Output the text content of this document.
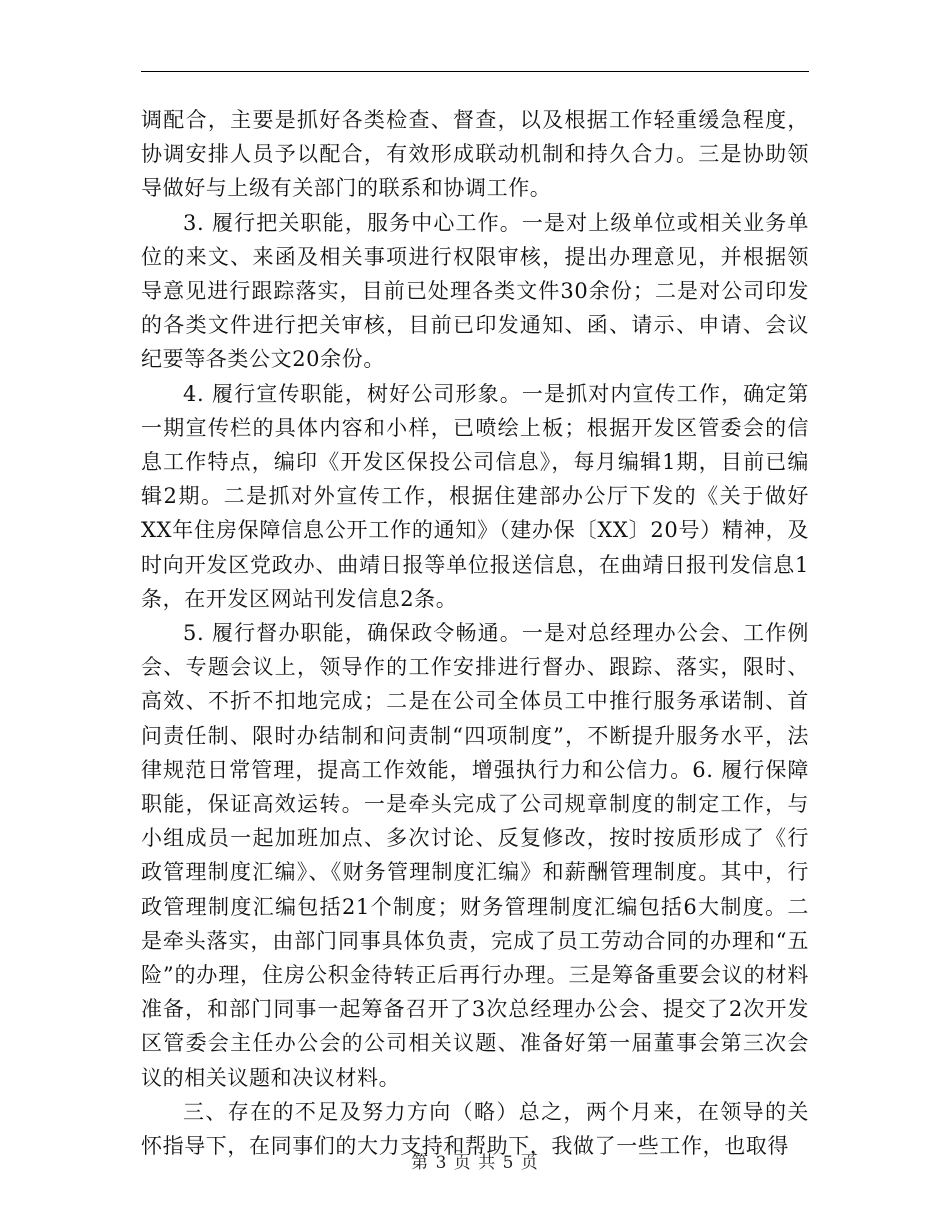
调配合，主要是抓好各类检查、督查，以及根据工作轻重缓急程度，协调安排人员予以配合，有效形成联动机制和持久合力。三是协助领导做好与上级有关部门的联系和协调工作。

3. 履行把关职能，服务中心工作。一是对上级单位或相关业务单位的来文、来函及相关事项进行权限审核，提出办理意见，并根据领导意见进行跟踪落实，目前已处理各类文件30余份；二是对公司印发的各类文件进行把关审核，目前已印发通知、函、请示、申请、会议纪要等各类公文20余份。

4. 履行宣传职能，树好公司形象。一是抓对内宣传工作，确定第一期宣传栏的具体内容和小样，已喷绘上板；根据开发区管委会的信息工作特点，编印《开发区保投公司信息》，每月编辑1期，目前已编辑2期。二是抓对外宣传工作，根据住建部办公厅下发的《关于做好XX年住房保障信息公开工作的通知》（建办保〔XX〕20号）精神，及时向开发区党政办、曲靖日报等单位报送信息，在曲靖日报刊发信息1条，在开发区网站刊发信息2条。

5. 履行督办职能，确保政令畅通。一是对总经理办公会、工作例会、专题会议上，领导作的工作安排进行督办、跟踪、落实，限时、高效、不折不扣地完成；二是在公司全体员工中推行服务承诺制、首问责任制、限时办结制和问责制“四项制度”，不断提升服务水平，法律规范日常管理，提高工作效能，增强执行力和公信力。6. 履行保障职能，保证高效运转。一是牵头完成了公司规章制度的制定工作，与小组成员一起加班加点、多次讨论、反复修改，按时按质形成了《行政管理制度汇编》、《财务管理制度汇编》和薪酬管理制度。其中，行政管理制度汇编包括21个制度；财务管理制度汇编包括6大制度。二是牵头落实，由部门同事具体负责，完成了员工劳动合同的办理和“五险”的办理，住房公积金待转正后再行办理。三是筹备重要会议的材料准备，和部门同事一起筹备召开了3次总经理办公会、提交了2次开发区管委会主任办公会的公司相关议题、准备好第一届董事会第三次会议的相关议题和决议材料。

三、存在的不足及努力方向（略）总之，两个月来，在领导的关怀指导下，在同事们的大力支持和帮助下，我做了一些工作，也取得

第 3 页 共 5 页
